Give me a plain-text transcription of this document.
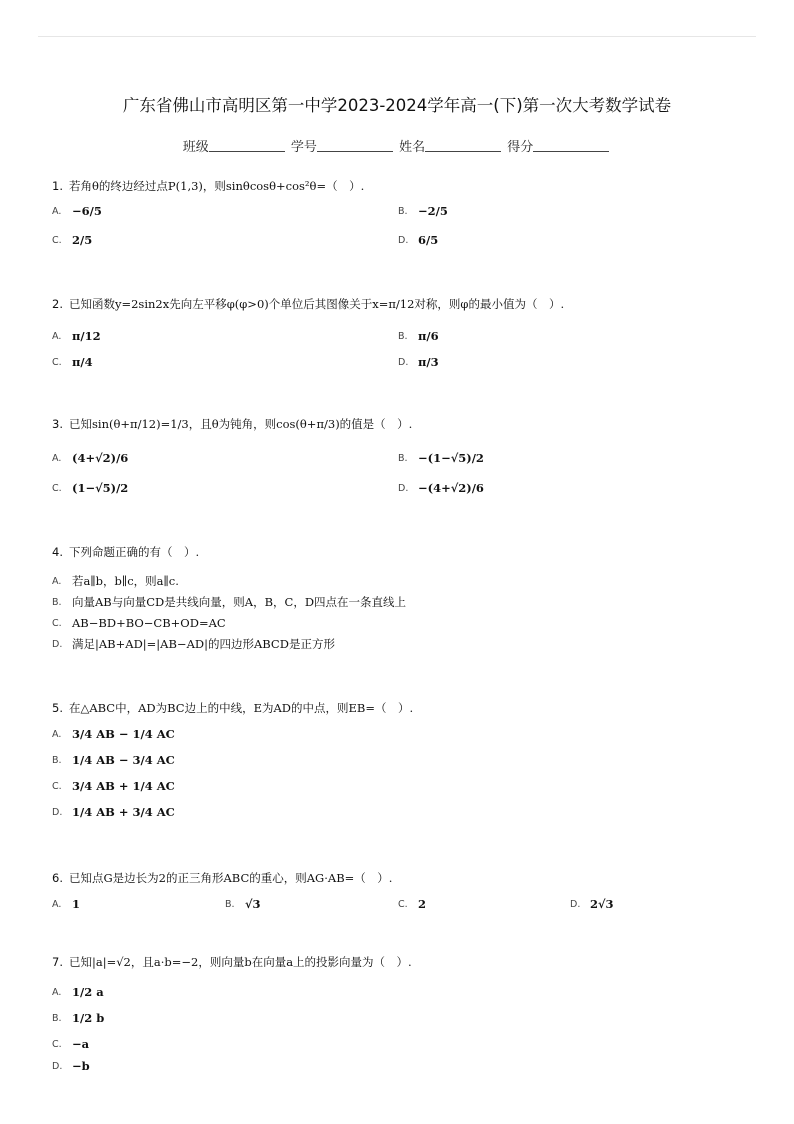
广东省佛山市高明区第一中学2023-2024学年高一(下)第一次大考数学试卷
班级	学号	姓名	得分
1. 若角θ的终边经过点P(1,3)，则sinθcosθ+cos²θ=（　）.
A. −6/5	B. −2/5
C. 2/5	D. 6/5
2. 已知函数y=2sin2x先向左平移φ(φ>0)个单位后其图像关于x=π/12对称，则φ的最小值为（　）.
A. π/12	B. π/6
C. π/4	D. π/3
3. 已知sin(θ+π/12)=1/3，且θ为钝角，则cos(θ+π/3)的值是（　）.
A. (4+√2)/6	B. −(1−√5)/2
C. (1−√5)/2	D. −(4+√2)/6
4. 下列命题正确的有（　）.
A. 若a∥b，b∥c，则a∥c.
B. 向量AB与向量CD是共线向量，则A，B，C，D四点在一条直线上
C. AB−BD+BO−CB+OD=AC
D. 满足|AB+AD|=|AB−AD|的四边形ABCD是正方形
5. 在△ABC中，AD为BC边上的中线，E为AD的中点，则EB=（　）.
A. 3/4 AB − 1/4 AC
B. 1/4 AB − 3/4 AC
C. 3/4 AB + 1/4 AC
D. 1/4 AB + 3/4 AC
6. 已知点G是边长为2的正三角形ABC的重心，则AG·AB=（　）.
A. 1	B. √3	C. 2	D. 2√3
7. 已知|a|=√2，且a·b=−2，则向量b在向量a上的投影向量为（　）.
A. 1/2 a
B. 1/2 b
C. −a
D. −b
